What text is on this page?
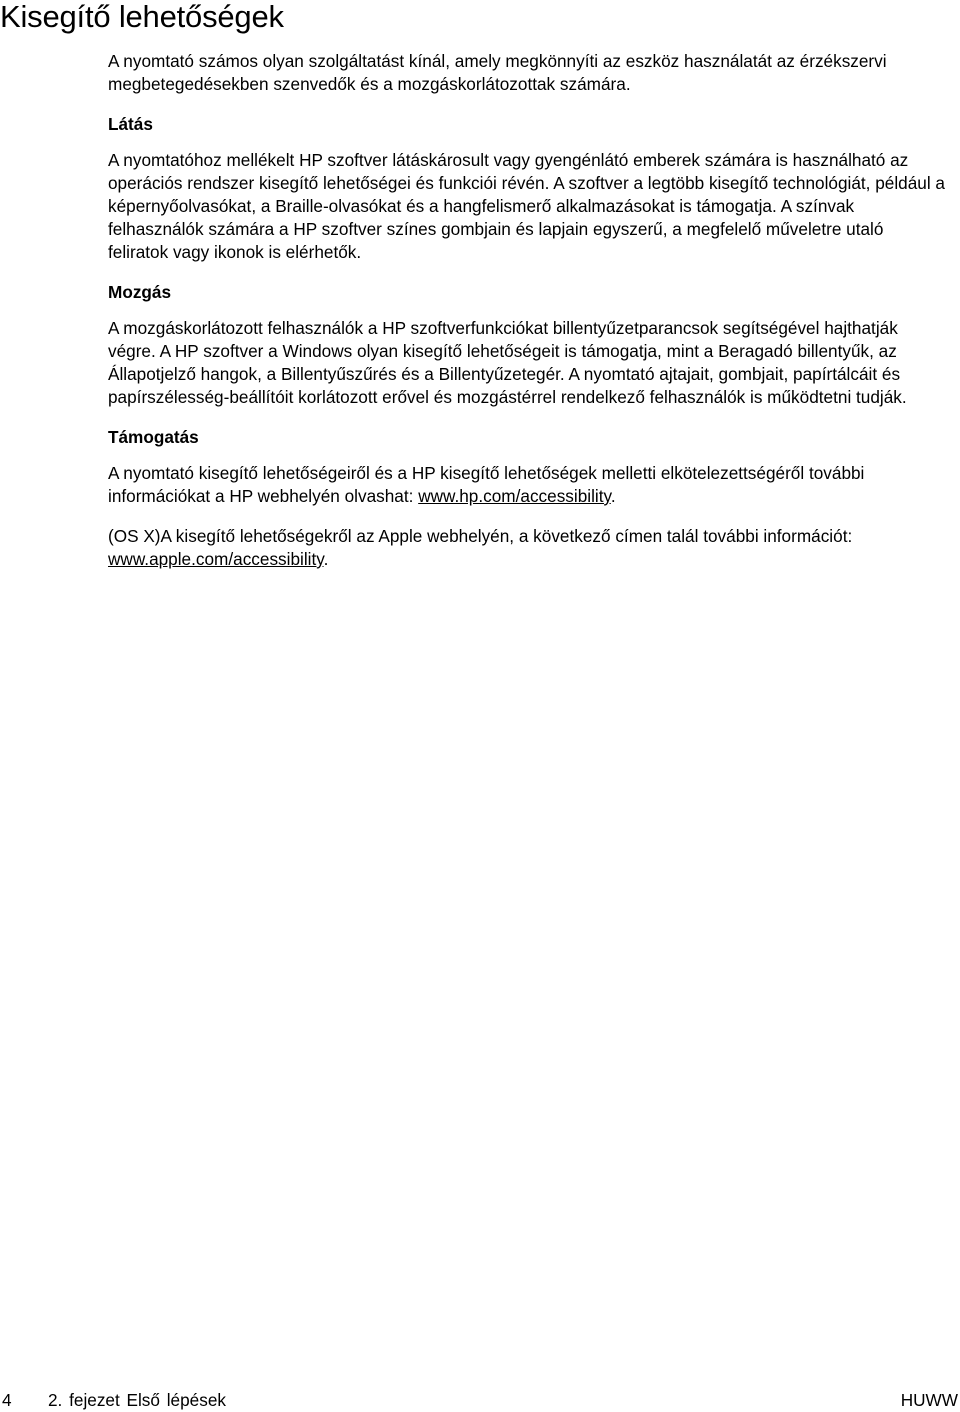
Kisegítő lehetőségek

A nyomtató számos olyan szolgáltatást kínál, amely megkönnyíti az eszköz használatát az érzékszervi megbetegedésekben szenvedők és a mozgáskorlátozottak számára.

Látás

A nyomtatóhoz mellékelt HP szoftver látáskárosult vagy gyengénlátó emberek számára is használható az operációs rendszer kisegítő lehetőségei és funkciói révén. A szoftver a legtöbb kisegítő technológiát, például a képernyőolvasókat, a Braille-olvasókat és a hangfelismerő alkalmazásokat is támogatja. A színvak felhasználók számára a HP szoftver színes gombjain és lapjain egyszerű, a megfelelő műveletre utaló feliratok vagy ikonok is elérhetők.

Mozgás

A mozgáskorlátozott felhasználók a HP szoftverfunkciókat billentyűzetparancsok segítségével hajthatják végre. A HP szoftver a Windows olyan kisegítő lehetőségeit is támogatja, mint a Beragadó billentyűk, az Állapotjelző hangok, a Billentyűszűrés és a Billentyűzetegér. A nyomtató ajtajait, gombjait, papírtálcáit és papírszélesség-beállítóit korlátozott erővel és mozgástérrel rendelkező felhasználók is működtetni tudják.

Támogatás

A nyomtató kisegítő lehetőségeiről és a HP kisegítő lehetőségek melletti elkötelezettségéről további információkat a HP webhelyén olvashat: www.hp.com/accessibility.

(OS X)A kisegítő lehetőségekről az Apple webhelyén, a következő címen talál további információt: www.apple.com/accessibility.

4 2. fejezet Első lépések	HUWW
